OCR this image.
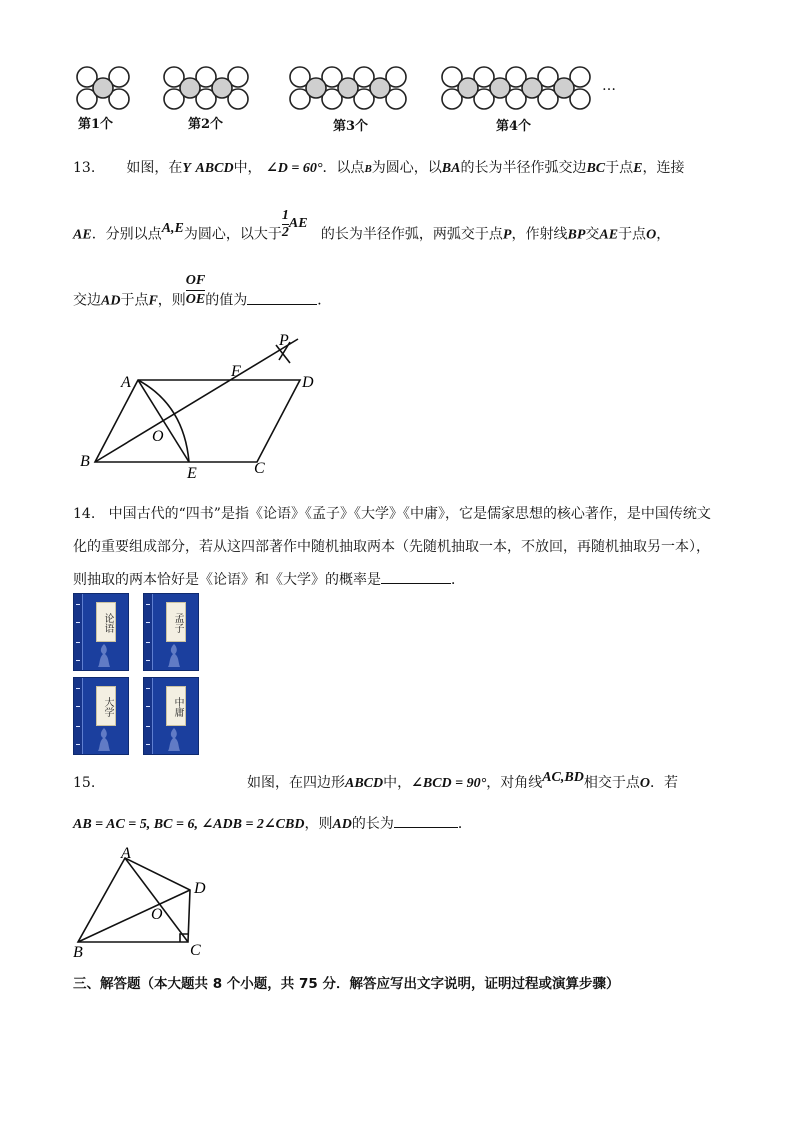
…
第1个	第2个	第3个	第4个
13. 如图，在Y ABCD中， ∠D = 60°．以点B为圆心，以BA的长为半径作弧交边BC于点E，连接
AE．分别以点A,E为圆心，以大于 $\frac{1}{2}$ AE   的长为半径作弧，两弧交于点P，作射线BP交AE于点O，
交边AD于点F，则 $\frac{OF}{OE}$ 的值为	．
P
F
D
A
O
B
E	C
14. 中国古代的“四书”是指《论语》《孟子》《大学》《中庸》，它是儒家思想的核心著作，是中国传统文
化的重要组成部分，若从这四部著作中随机抽取两本（先随机抽取一本，不放回，再随机抽取另一本），
则抽取的两本恰好是《论语》和《大学》的概率是	．
论语	孟子
大学	中庸
15.	如图，在四边形ABCD中，∠BCD = 90°，对角线AC,BD相交于点O．若
AB = AC = 5, BC = 6, ∠ADB = 2∠CBD，则AD的长为	．
A
D
O
B	C
三、解答题（本大题共 8 个小题，共 75 分．解答应写出文字说明，证明过程或演算步骤）
